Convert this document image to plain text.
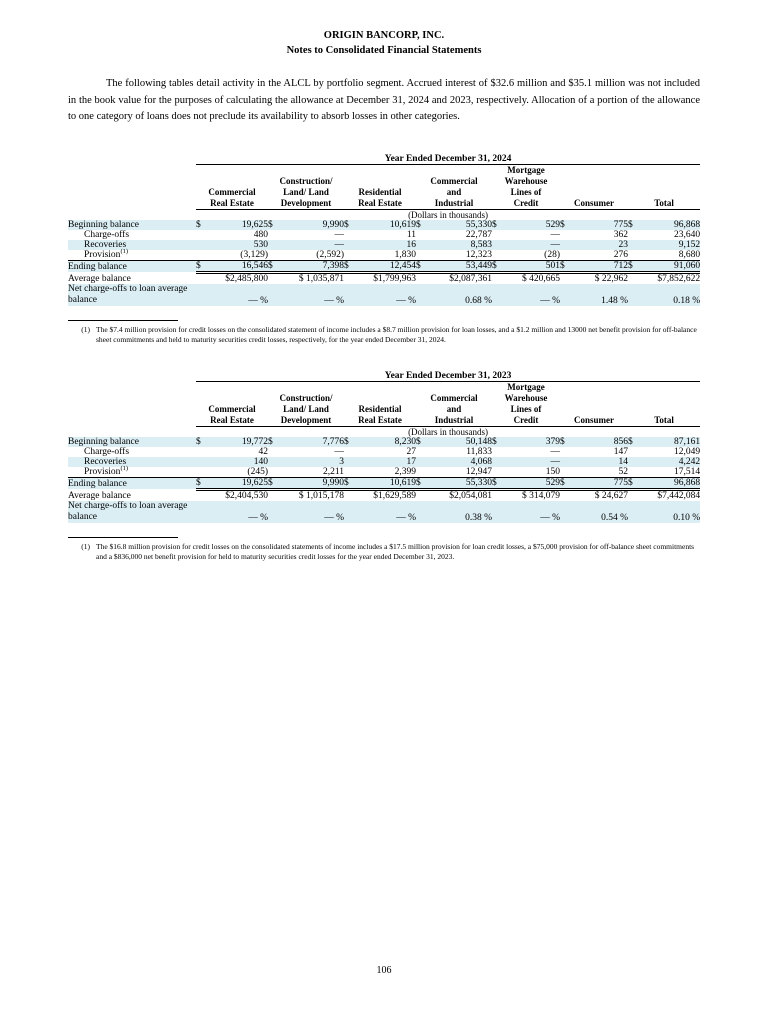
ORIGIN BANCORP, INC.
Notes to Consolidated Financial Statements
The following tables detail activity in the ALCL by portfolio segment. Accrued interest of $32.6 million and $35.1 million was not included in the book value for the purposes of calculating the allowance at December 31, 2024 and 2023, respectively. Allocation of a portion of the allowance to one category of loans does not preclude its availability to absorb losses in other categories.
	Year Ended December 31, 2024													
	Commercial
Real Estate		Construction/
Land/ Land
Development		Residential
Real Estate		Commercial
and
Industrial		Mortgage
Warehouse
Lines of
Credit		Consumer		Total	
	(Dollars in thousands)													
Beginning balance	$	19,625	$	9,990	$	10,619	$	55,330	$	529	$	775	$	96,868
Charge-offs		480		—		11		22,787		—		362		23,640
Recoveries		530		—		16		8,583		—		23		9,152
Provision$^{(1)}$		(3,129)		(2,592)		1,830		12,323		(28)		276		8,680
Ending balance	$	16,546	$	7,398	$	12,454	$	53,449	$	501	$	712	$	91,060
Average balance	$2,485,800		$ 1,035,871		$1,799,963		$2,087,361		$ 420,665		$ 22,962		$7,852,622	
Net charge-offs to loan average balance	— %		— %		— %		0.68 %		— %		1.48 %		0.18 %	
(1) The $7.4 million provision for credit losses on the consolidated statement of income includes a $8.7 million provision for loan losses, and a $1.2 million and 13000 net benefit provision for off-balance sheet commitments and held to maturity securities credit losses, respectively, for the year ended December 31, 2024.
	Year Ended December 31, 2023													
	Commercial
Real Estate		Construction/
Land/ Land
Development		Residential
Real Estate		Commercial
and
Industrial		Mortgage
Warehouse
Lines of
Credit		Consumer		Total	
	(Dollars in thousands)													
Beginning balance	$	19,772	$	7,776	$	8,230	$	50,148	$	379	$	856	$	87,161
Charge-offs		42		—		27		11,833		—		147		12,049
Recoveries		140		3		17		4,068		—		14		4,242
Provision$^{(1)}$		(245)		2,211		2,399		12,947		150		52		17,514
Ending balance	$	19,625	$	9,990	$	10,619	$	55,330	$	529	$	775	$	96,868
Average balance	$2,404,530		$ 1,015,178		$1,629,589		$2,054,081		$ 314,079		$ 24,627		$7,442,084	
Net charge-offs to loan average balance	— %		— %		— %		0.38 %		— %		0.54 %		0.10 %	
(1) The $16.8 million provision for credit losses on the consolidated statements of income includes a $17.5 million provision for loan credit losses, a $75,000 provision for off-balance sheet commitments and a $836,000 net benefit provision for held to maturity securities credit losses for the year ended December 31, 2023.
106
